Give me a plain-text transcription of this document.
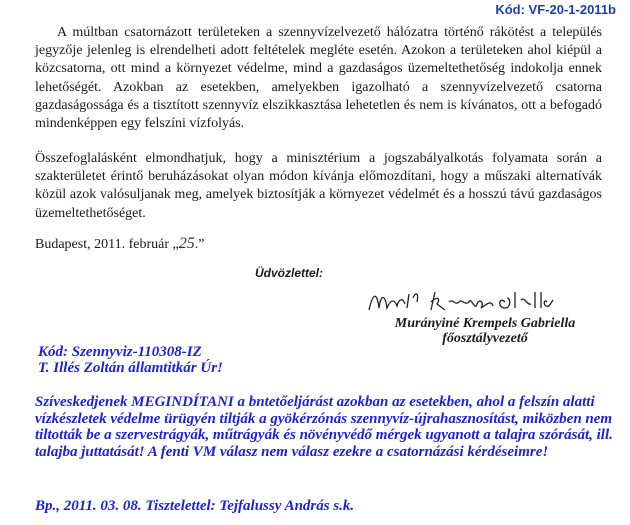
Kód: VF-20-1-2011b
A múltban csatornázott területeken a szennyvízelvezető hálózatra történő rákötést a település jegyzője jelenleg is elrendelheti adott feltételek megléte esetén. Azokon a területeken ahol kiépül a közcsatorna, ott mind a környezet védelme, mind a gazdaságos üzemeltethetőség indokolja ennek lehetőségét. Azokban az esetekben, amelyekben igazolható a szennyvízelvezető csatorna gazdaságossága és a tisztított szennyvíz elszikkasztása lehetetlen és nem is kívánatos, ott a befogadó mindenképpen egy felszíni vízfolyás.
Összefoglalásként elmondhatjuk, hogy a minisztérium a jogszabályalkotás folyamata során a szakterületet érintő beruházásokat olyan módon kívánja előmozdítani, hogy a műszaki alternatívák közül azok valósuljanak meg, amelyek biztosítják a környezet védelmét és a hosszú távú gazdaságos üzemeltethetőséget.
Budapest, 2011. február „25.”
Üdvözlettel:
Murányiné Krempels Gabriella
főosztályvezető
Kód: Szennyviz-110308-IZ
T. Illés Zoltán államtitkár Úr!
Szíveskedjenek MEGINDÍTANI a bntetőeljárást azokban az esetekben, ahol a felszín alatti vízkészletek védelme ürügyén tiltják a gyökérzónás szennyvíz-újrahasznosítást, miközben nem tiltották be a szervestrágyák, műtrágyák és növényvédő mérgek ugyanott a talajra szórását, ill. talajba juttatását! A fenti VM válasz nem válasz ezekre a csatornázási kérdéseimre!
Bp., 2011. 03. 08. Tisztelettel: Tejfalussy András s.k.
